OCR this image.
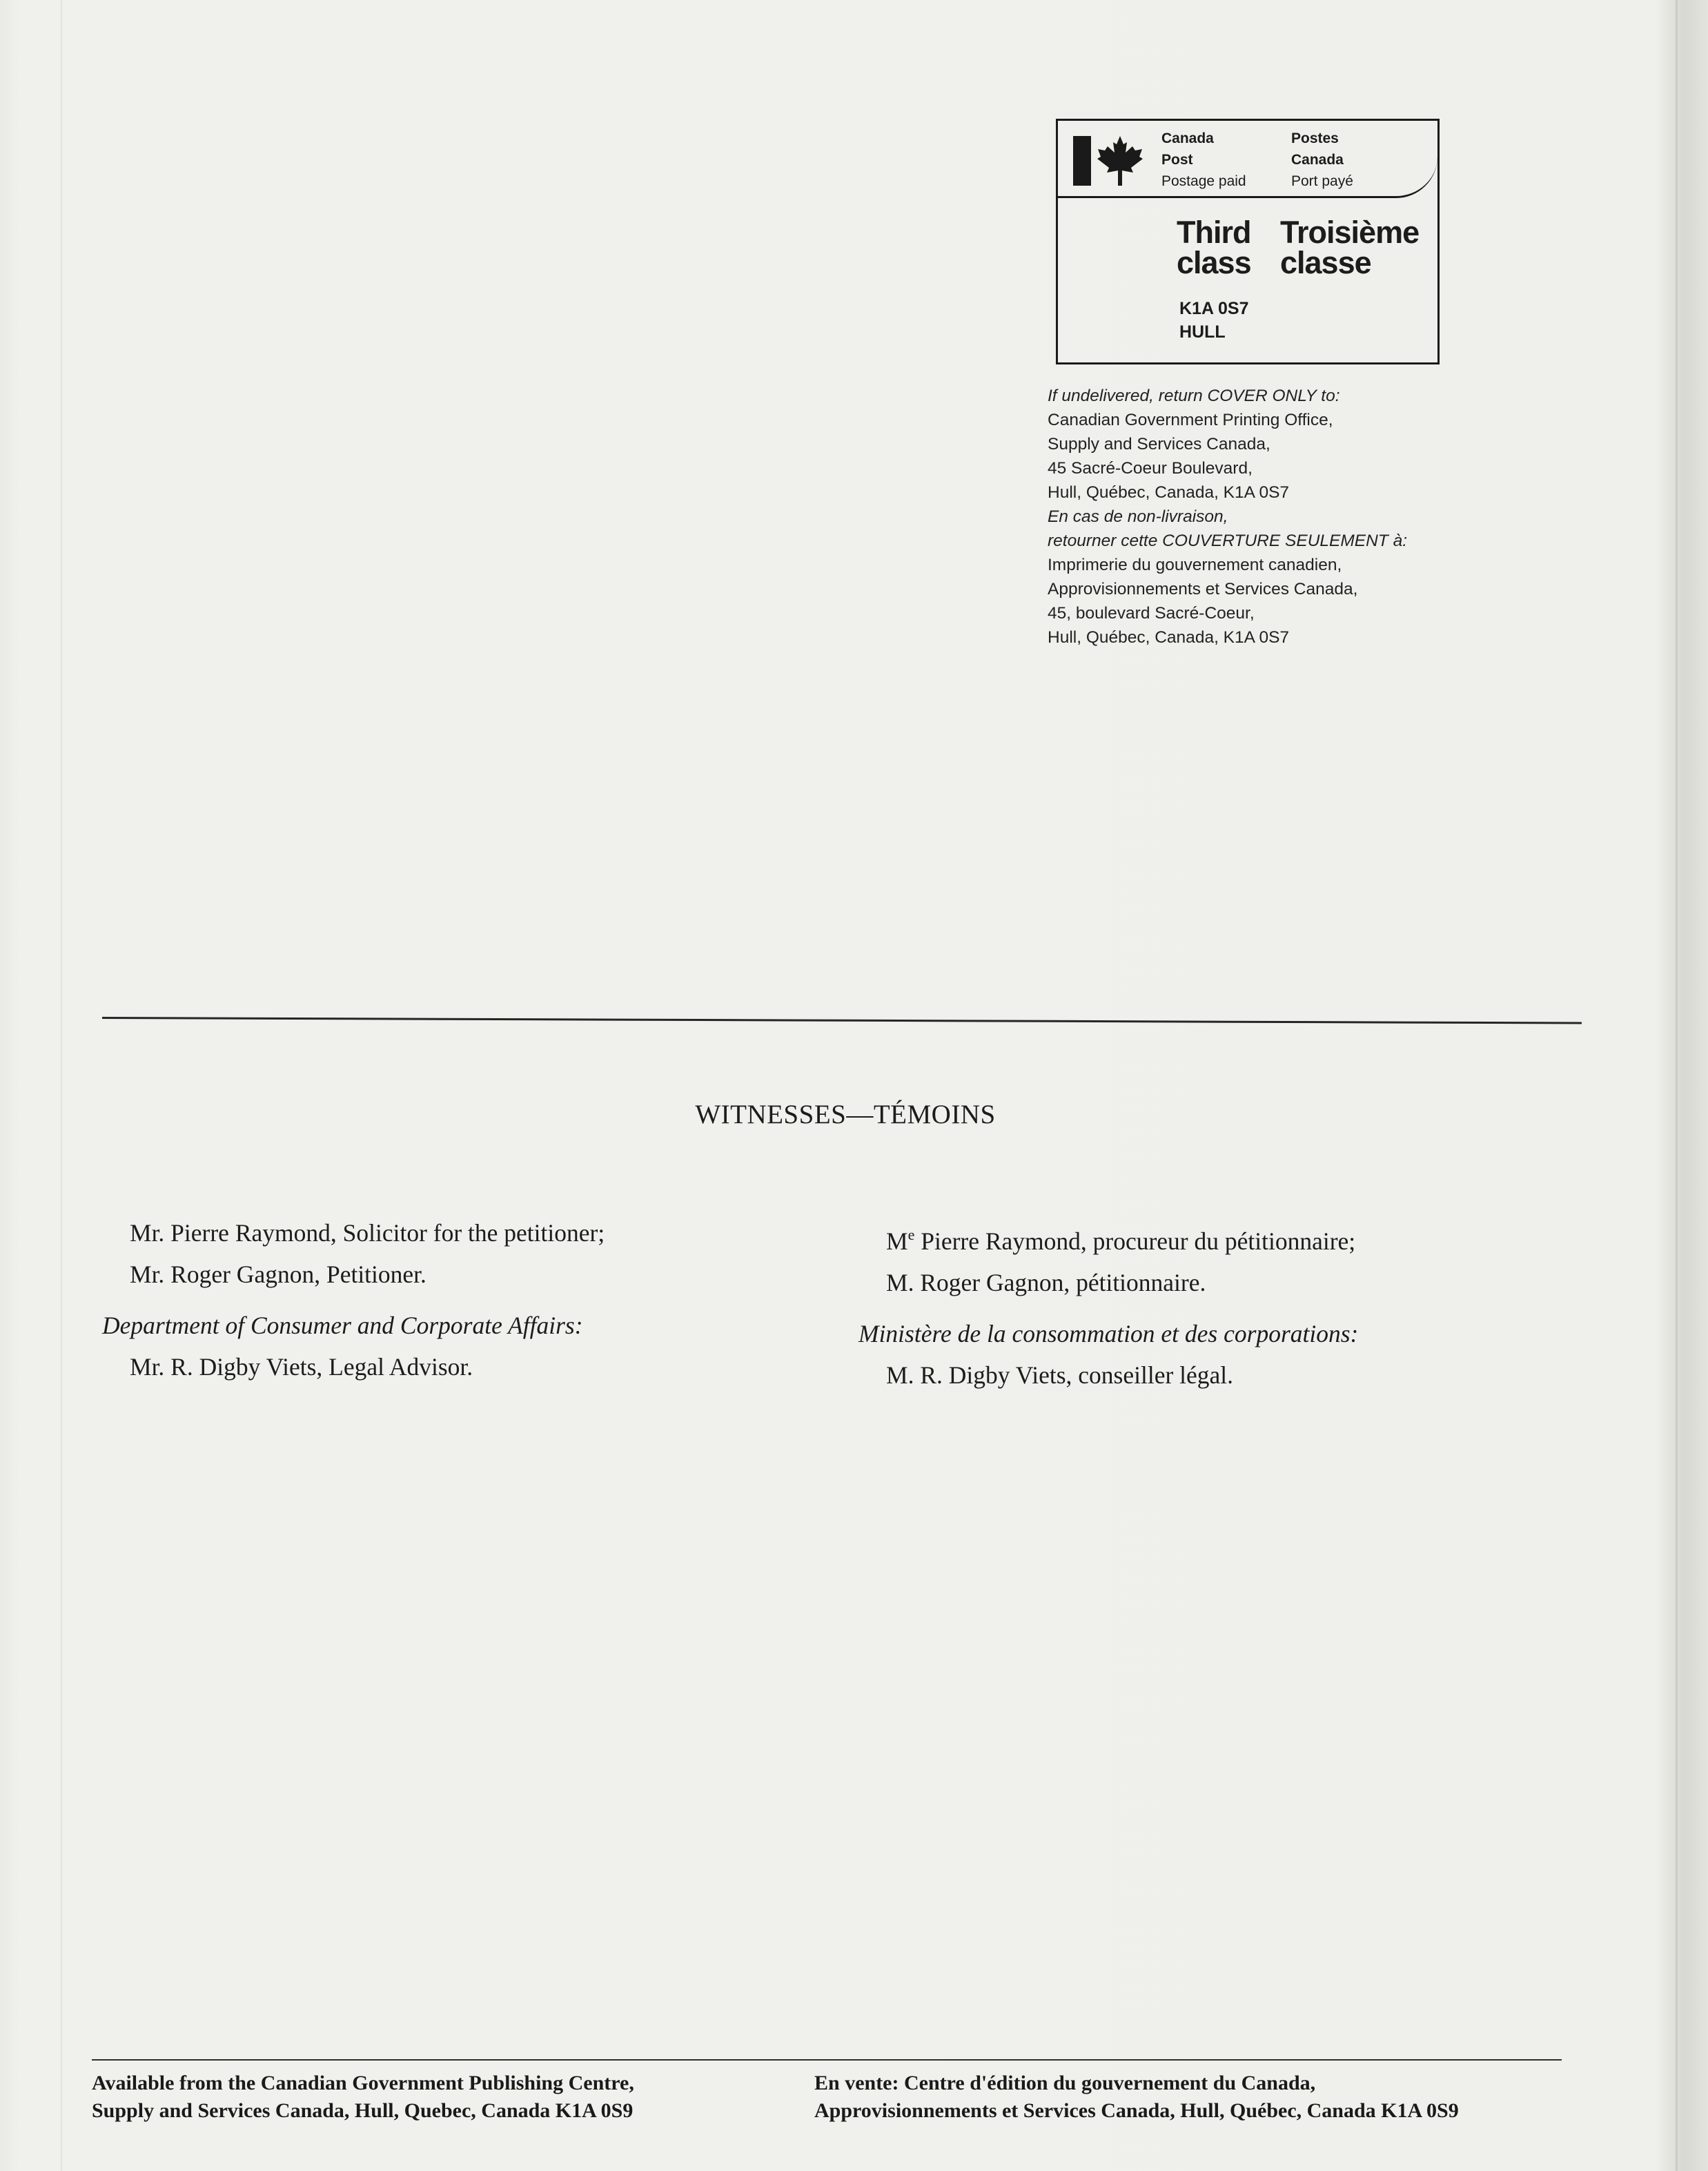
Canada
Post
Postage paid
Postes
Canada
Port payé
Third
class
Troisième
classe
K1A 0S7
HULL
If undelivered, return COVER ONLY to:
Canadian Government Printing Office,
Supply and Services Canada,
45 Sacré-Coeur Boulevard,
Hull, Québec, Canada, K1A 0S7
En cas de non-livraison,
retourner cette COUVERTURE SEULEMENT à:
Imprimerie du gouvernement canadien,
Approvisionnements et Services Canada,
45, boulevard Sacré-Coeur,
Hull, Québec, Canada, K1A 0S7
WITNESSES—TÉMOINS
Mr. Pierre Raymond, Solicitor for the petitioner;
Mr. Roger Gagnon, Petitioner.
Department of Consumer and Corporate Affairs:
Mr. R. Digby Viets, Legal Advisor.
Me Pierre Raymond, procureur du pétitionnaire;
M. Roger Gagnon, pétitionnaire.
Ministère de la consommation et des corporations:
M. R. Digby Viets, conseiller légal.
Available from the Canadian Government Publishing Centre,
Supply and Services Canada, Hull, Quebec, Canada K1A 0S9
En vente: Centre d'édition du gouvernement du Canada,
Approvisionnements et Services Canada, Hull, Québec, Canada K1A 0S9
